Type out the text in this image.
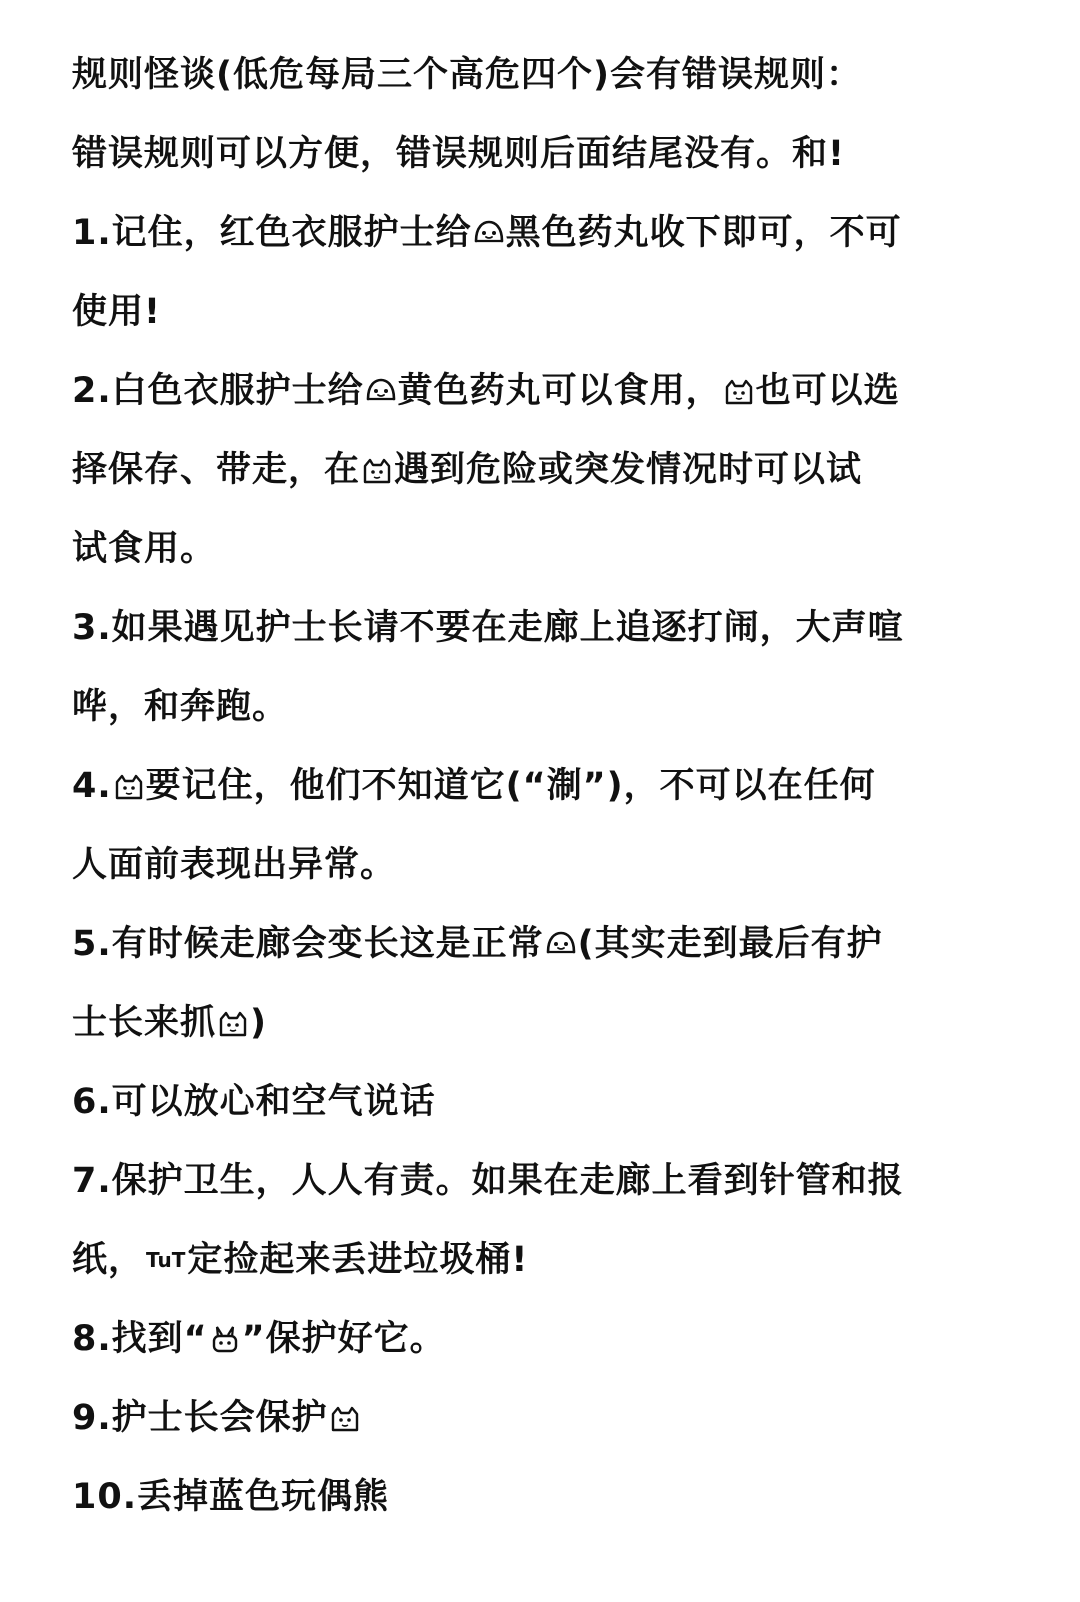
规则怪谈(低危每局三个高危四个)会有错误规则：
错误规则可以方便，错误规则后面结尾没有。和!
1.记住，红色衣服护士给 黑色药丸收下即可，不可
使用!
2.白色衣服护士给 黄色药丸可以食用， 也可以选
择保存、带走，在 遇到危险或突发情况时可以试
试食用。
3.如果遇见护士长请不要在走廊上追逐打闹，大声喧
哗，和奔跑。
4. 要记住，他们不知道它(“淛”)，不可以在任何
人面前表现出异常。
5.有时候走廊会变长这是正常 (其实走到最后有护
士长来抓 )
6.可以放心和空气说话
7.保护卫生，人人有责。如果在走廊上看到针管和报
纸， TuT定捡起来丢进垃圾桶!
8.找到“ ”保护好它。
9.护士长会保护
10.丢掉蓝色玩偶熊
